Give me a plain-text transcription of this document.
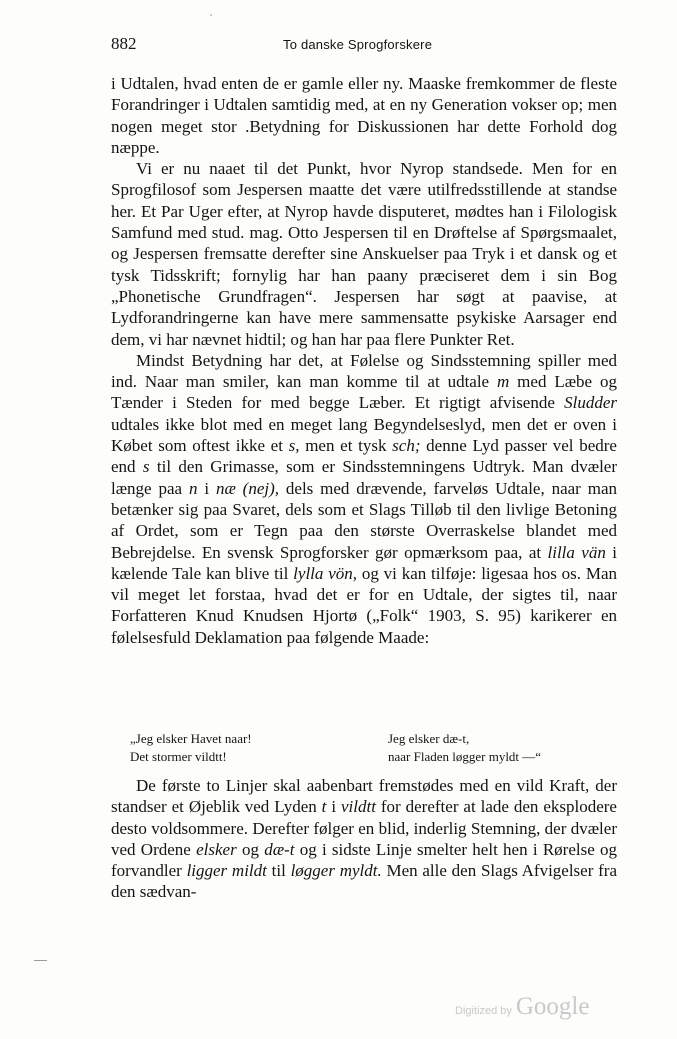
882	To danske Sprogforskere

i Udtalen, hvad enten de er gamle eller ny. Maaske fremkommer de fleste Forandringer i Udtalen samtidig med, at en ny Generation vokser op; men nogen meget stor .Betydning for Diskussionen har dette Forhold dog næppe.

Vi er nu naaet til det Punkt, hvor Nyrop standsede. Men for en Sprogfilosof som Jespersen maatte det være utilfredsstillende at standse her. Et Par Uger efter, at Nyrop havde disputeret, mødtes han i Filologisk Samfund med stud. mag. Otto Jespersen til en Drøftelse af Spørgsmaalet, og Jespersen fremsatte derefter sine Anskuelser paa Tryk i et dansk og et tysk Tidsskrift; fornylig har han paany præciseret dem i sin Bog „Phonetische Grundfragen“. Jespersen har søgt at paavise, at Lydforandringerne kan have mere sammensatte psykiske Aarsager end dem, vi har nævnet hidtil; og han har paa flere Punkter Ret.

Mindst Betydning har det, at Følelse og Sindsstemning spiller med ind. Naar man smiler, kan man komme til at udtale m med Læbe og Tænder i Steden for med begge Læber. Et rigtigt afvisende Sludder udtales ikke blot med en meget lang Begyndelseslyd, men det er oven i Købet som oftest ikke et s, men et tysk sch; denne Lyd passer vel bedre end s til den Grimasse, som er Sindsstemningens Udtryk. Man dvæler længe paa n i næ (nej), dels med drævende, farveløs Udtale, naar man betænker sig paa Svaret, dels som et Slags Tilløb til den livlige Betoning af Ordet, som er Tegn paa den største Overraskelse blandet med Bebrejdelse. En svensk Sprogforsker gør opmærksom paa, at lilla vän i kælende Tale kan blive til lylla vön, og vi kan tilføje: ligesaa hos os. Man vil meget let forstaa, hvad det er for en Udtale, der sigtes til, naar Forfatteren Knud Knudsen Hjortø („Folk“ 1903, S. 95) karikerer en følelsesfuld Deklamation paa følgende Maade:

„Jeg elsker Havet naar!
Det stormer vildtt!
Jeg elsker dæ-t,
naar Fladen løgger myldt —“

De første to Linjer skal aabenbart fremstødes med en vild Kraft, der standser et Øjeblik ved Lyden t i vildtt for derefter at lade den eksplodere desto voldsommere. Derefter følger en blid, inderlig Stemning, der dvæler ved Ordene elsker og dæ-t og i sidste Linje smelter helt hen i Rørelse og forvandler ligger mildt til løgger myldt. Men alle den Slags Afvigelser fra den sædvan-

Digitized by Google
